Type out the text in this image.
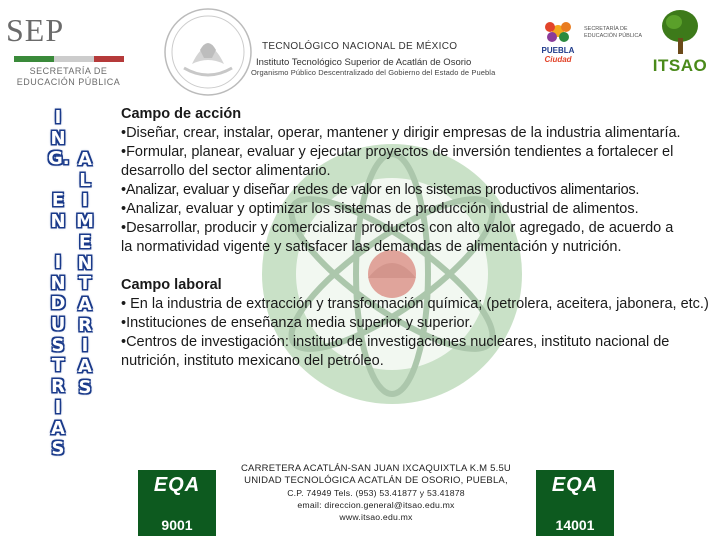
SEP
SECRETARÍA DE
EDUCACIÓN PÚBLICA
TECNOLÓGICO NACIONAL DE MÉXICO
Instituto Tecnológico Superior de Acatlán de Osorio
Organismo Público Descentralizado del Gobierno del Estado de Puebla
PUEBLA
Ciudad
SECRETARÍA DE EDUCACIÓN PÚBLICA
ITSAO
I
N
G.

E
N

I
N
D
U
S
T
R
I
A
S
A
L
I
M
E
N
T
A
R
I
A
S
Campo de acción
•Diseñar, crear, instalar, operar, mantener y dirigir empresas de la industria alimentaría.
•Formular, planear, evaluar y ejecutar proyectos de inversión tendientes a fortalecer el desarrollo del sector alimentario.
•Analizar, evaluar y diseñar redes de valor en los sistemas productivos alimentarios.
•Analizar, evaluar y optimizar los sistemas de producción industrial de alimentos.
•Desarrollar, producir y comercializar productos con alto valor agregado, de acuerdo a la normatividad vigente y satisfacer las demandas de alimentación y nutrición.
Campo laboral
• En la industria de extracción y transformación química; (petrolera, aceitera, jabonera, etc.)
•Instituciones de enseñanza media superior y superior.
•Centros de investigación: instituto de investigaciones nucleares, instituto nacional de nutrición, instituto mexicano del petróleo.
EQA
9001
CARRETERA ACATLÁN-SAN JUAN IXCAQUIXTLA K.M 5.5U
UNIDAD TECNOLÓGICA ACATLÁN DE OSORIO, PUEBLA,
C.P. 74949 Tels. (953) 53.41877 y 53.41878
email: direccion.general@itsao.edu.mx
www.itsao.edu.mx
EQA
14001
